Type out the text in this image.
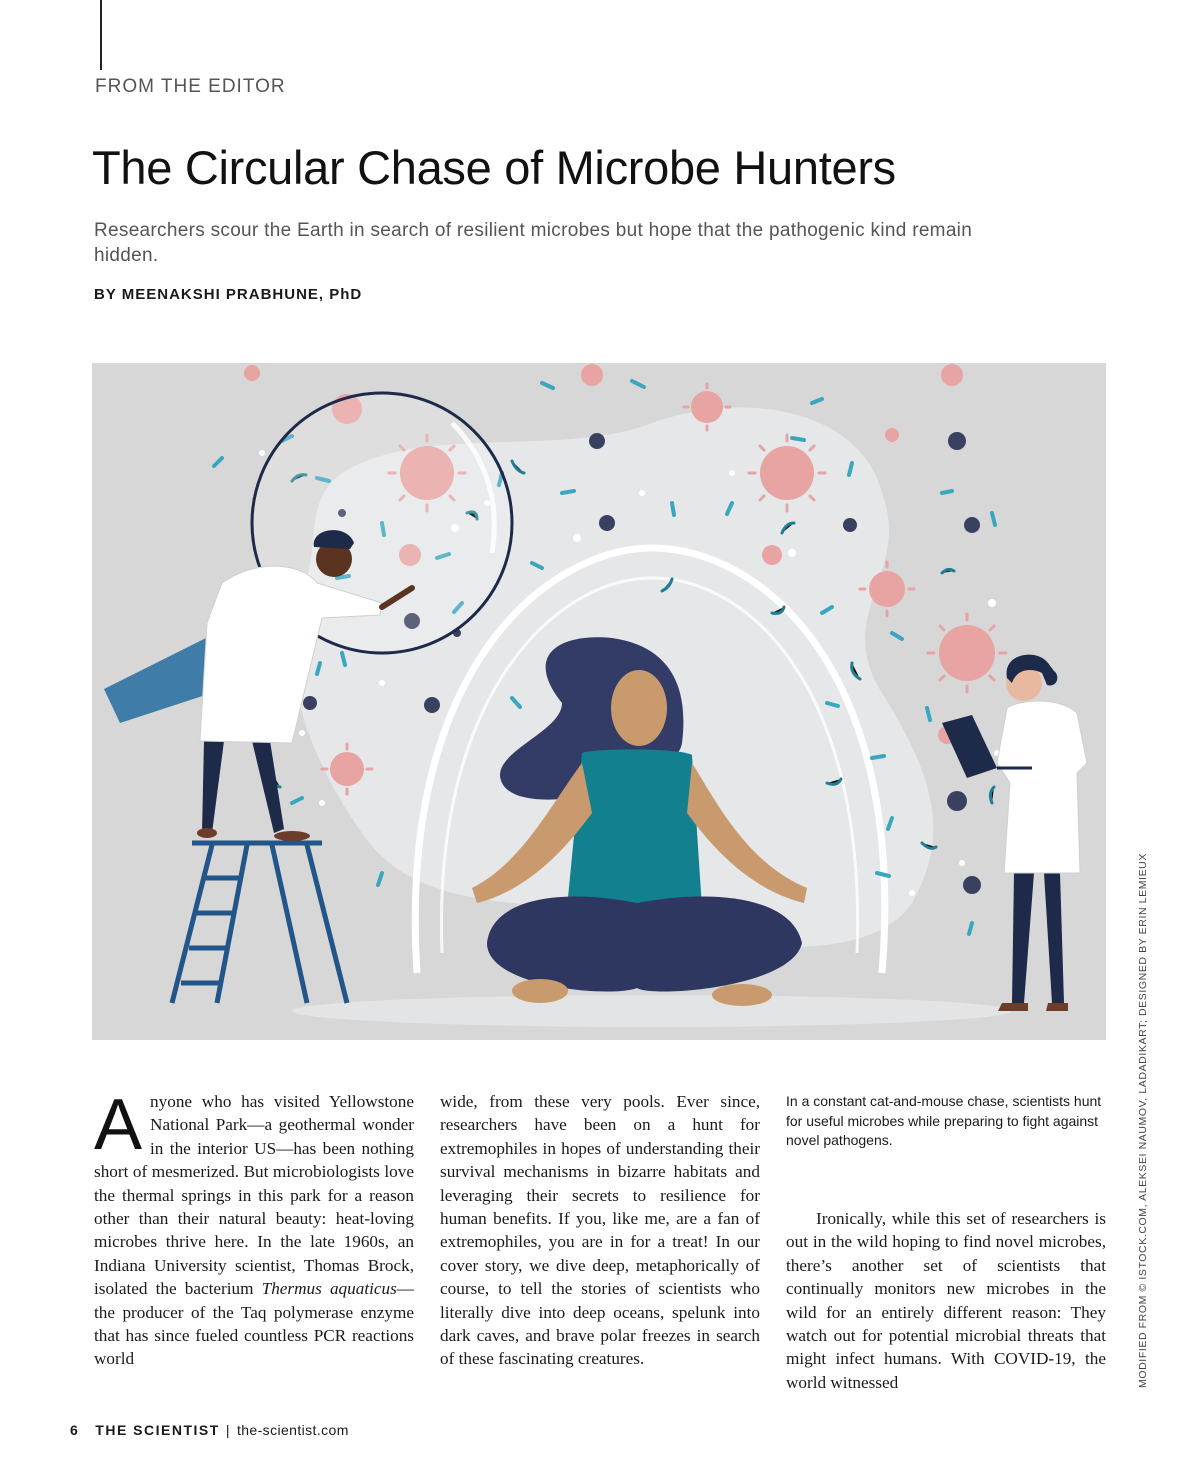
FROM THE EDITOR
The Circular Chase of Microbe Hunters

Researchers scour the Earth in search of resilient microbes but hope that the pathogenic kind remain hidden.

BY MEENAKSHI PRABHUNE, PhD

Anyone who has visited Yellowstone National Park—a geothermal wonder in the interior US—has been nothing short of mesmerized. But microbiologists love the thermal springs in this park for a reason other than their natural beauty: heat-loving microbes thrive here. In the late 1960s, an Indiana University scientist, Thomas Brock, isolated the bacterium Thermus aquaticus—the producer of the Taq polymerase enzyme that has since fueled countless PCR reactions world

wide, from these very pools. Ever since, researchers have been on a hunt for extremophiles in hopes of understanding their survival mechanisms in bizarre habitats and leveraging their secrets to resilience for human benefits. If you, like me, are a fan of extremophiles, you are in for a treat! In our cover story, we dive deep, metaphorically of course, to tell the stories of scientists who literally dive into deep oceans, spelunk into dark caves, and brave polar freezes in search of these fascinating creatures.

In a constant cat-and-mouse chase, scientists hunt for useful microbes while preparing to fight against novel pathogens.

Ironically, while this set of researchers is out in the wild hoping to find novel microbes, there’s another set of scientists that continually monitors new microbes in the wild for an entirely different reason: They watch out for potential microbial threats that might infect humans. With COVID-19, the world witnessed	MODIFIED FROM © ISTOCK.COM, ALEKSEI NAUMOV, LADADIKART; DESIGNED BY ERIN LEMIEUX
6 THE SCIENTIST | the-scientist.com
